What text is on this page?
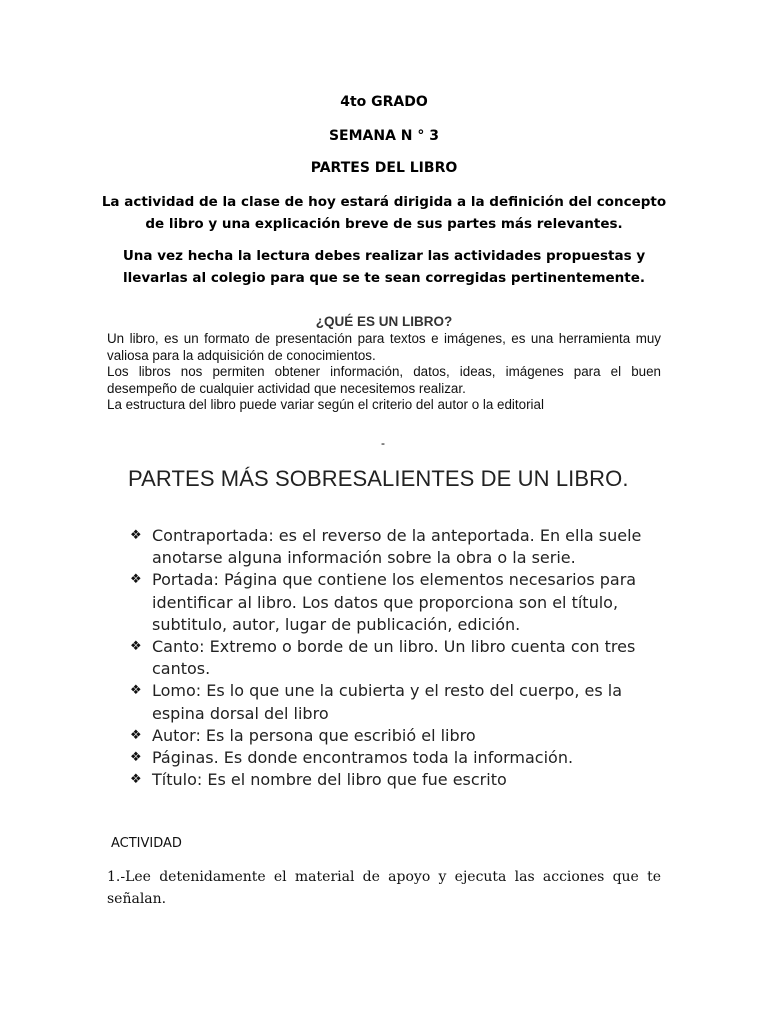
4to GRADO
SEMANA N ° 3
PARTES DEL LIBRO
La actividad de la clase de hoy estará dirigida a la definición del concepto de libro y una explicación breve de sus partes más relevantes.
Una vez hecha la lectura debes realizar las actividades propuestas y llevarlas al colegio para que se te sean corregidas pertinentemente.
¿QUÉ ES UN LIBRO?

Un libro, es un formato de presentación para textos e imágenes, es una herramienta muy valiosa para la adquisición de conocimientos.

Los libros nos permiten obtener información, datos, ideas, imágenes para el buen desempeño de cualquier actividad que necesitemos realizar.

La estructura del libro puede variar según el criterio del autor o la editorial

-
PARTES MÁS SOBRESALIENTES DE UN LIBRO.
❖ Contraportada: es el reverso de la anteportada. En ella suele anotarse alguna información sobre la obra o la serie.
❖ Portada: Página que contiene los elementos necesarios para identificar al libro. Los datos que proporciona son el título, subtitulo, autor, lugar de publicación, edición.
❖ Canto: Extremo o borde de un libro. Un libro cuenta con tres cantos.
❖ Lomo: Es lo que une la cubierta y el resto del cuerpo, es la espina dorsal del libro
❖ Autor: Es la persona que escribió el libro
❖ Páginas. Es donde encontramos toda la información.
❖ Título: Es el nombre del libro que fue escrito
ACTIVIDAD
1.-Lee detenidamente el material de apoyo y ejecuta las acciones que te señalan.
